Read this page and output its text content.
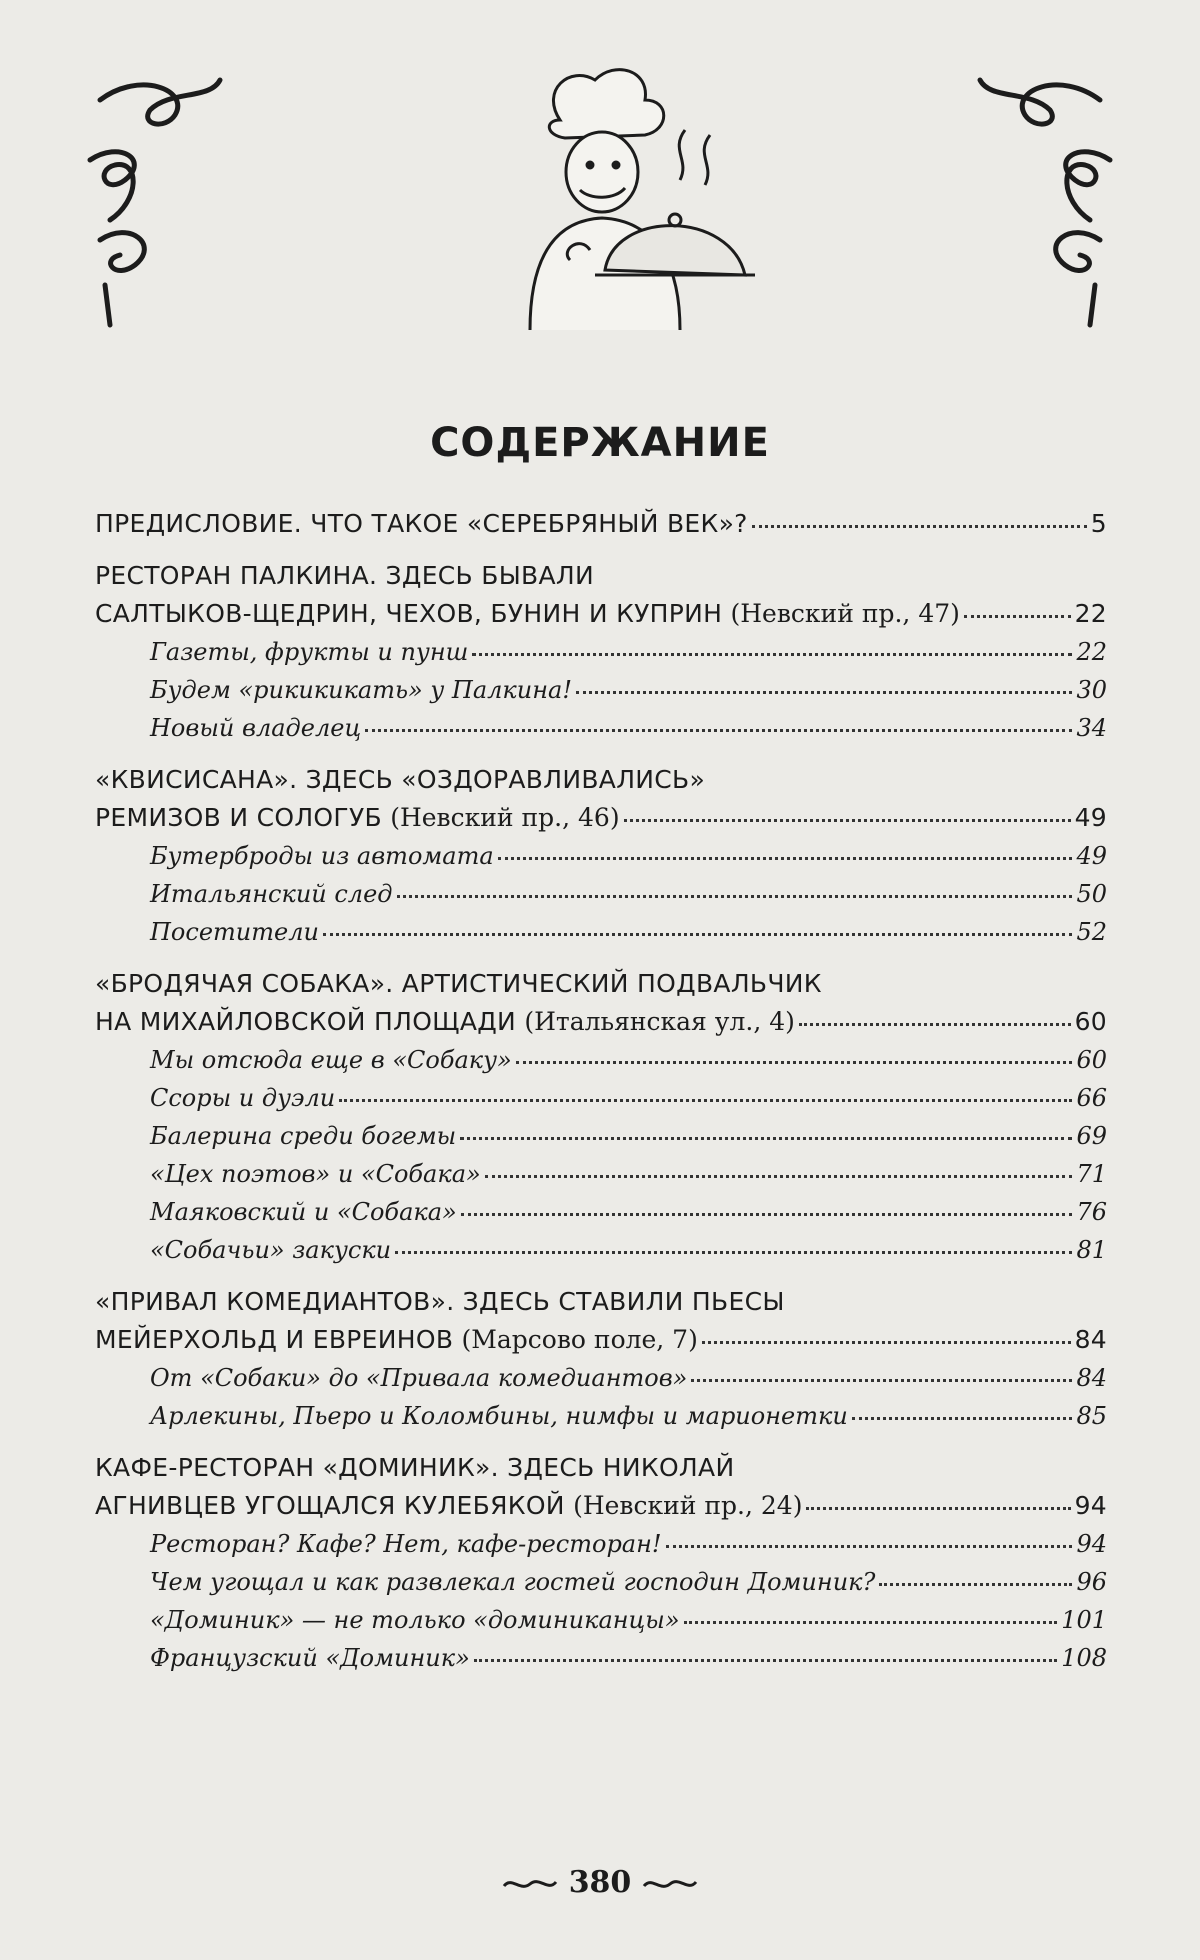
СОДЕРЖАНИЕ
ПРЕДИСЛОВИЕ. ЧТО ТАКОЕ «СЕРЕБРЯНЫЙ ВЕК»?	5
РЕСТОРАН ПАЛКИНА. ЗДЕСЬ БЫВАЛИ
САЛТЫКОВ-ЩЕДРИН, ЧЕХОВ, БУНИН И КУПРИН (Невский пр., 47)	22
Газеты, фрукты и пунш	22
Будем «рикикикать» у Палкина!	30
Новый владелец	34
«КВИСИСАНА». ЗДЕСЬ «ОЗДОРАВЛИВАЛИСЬ»
РЕМИЗОВ И СОЛОГУБ (Невский пр., 46)	49
Бутерброды из автомата	49
Итальянский след	50
Посетители	52
«БРОДЯЧАЯ СОБАКА». АРТИСТИЧЕСКИЙ ПОДВАЛЬЧИК
НА МИХАЙЛОВСКОЙ ПЛОЩАДИ (Итальянская ул., 4)	60
Мы отсюда еще в «Собаку»	60
Ссоры и дуэли	66
Балерина среди богемы	69
«Цех поэтов» и «Собака»	71
Маяковский и «Собака»	76
«Собачьи» закуски	81
«ПРИВАЛ КОМЕДИАНТОВ». ЗДЕСЬ СТАВИЛИ ПЬЕСЫ
МЕЙЕРХОЛЬД И ЕВРЕИНОВ (Марсово поле, 7)	84
От «Собаки» до «Привала комедиантов»	84
Арлекины, Пьеро и Коломбины, нимфы и марионетки	85
КАФЕ-РЕСТОРАН «ДОМИНИК». ЗДЕСЬ НИКОЛАЙ
АГНИВЦЕВ УГОЩАЛСЯ КУЛЕБЯКОЙ (Невский пр., 24)	94
Ресторан? Кафе? Нет, кафе-ресторан!	94
Чем угощал и как развлекал гостей господин Доминик?	96
«Доминик» — не только «доминиканцы»	101
Французский «Доминик»	108
380
